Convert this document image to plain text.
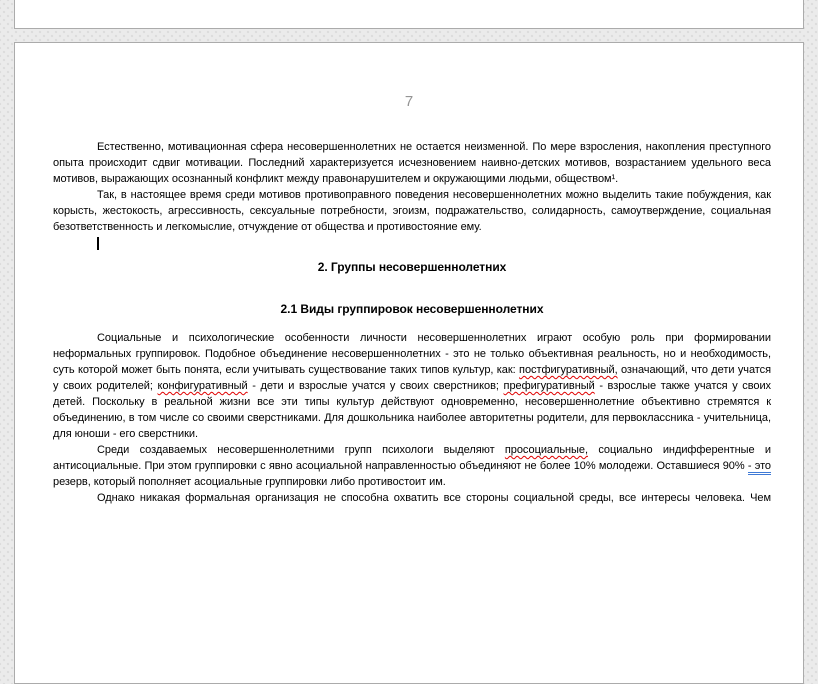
7

Естественно, мотивационная сфера несовершеннолетних не остается неизменной. По мере взросления, накопления преступного опыта происходит сдвиг мотивации. Последний характеризуется исчезновением наивно-детских мотивов, возрастанием удельного веса мотивов, выражающих осознанный конфликт между правонарушителем и окружающими людьми, обществом¹.

Так, в настоящее время среди мотивов противоправного поведения несовершеннолетних можно выделить такие побуждения, как корысть, жестокость, агрессивность, сексуальные потребности, эгоизм, подражательство, солидарность, самоутверждение, социальная безответственность и легкомыслие, отчуждение от общества и противостояние ему.

2. Группы несовершеннолетних
2.1 Виды группировок несовершеннолетних

Социальные и психологические особенности личности несовершеннолетних играют особую роль при формировании неформальных группировок. Подобное объединение несовершеннолетних - это не только объективная реальность, но и необходимость, суть которой может быть понята, если учитывать существование таких типов культур, как: постфигуративный, означающий, что дети учатся у своих родителей; конфигуративный - дети и взрослые учатся у своих сверстников; префигуративный - взрослые также учатся у своих детей. Поскольку в реальной жизни все эти типы культур действуют одновременно, несовершеннолетние объективно стремятся к объединению, в том числе со своими сверстниками. Для дошкольника наиболее авторитетны родители, для первоклассника - учительница, для юноши - его сверстники.

Среди создаваемых несовершеннолетними групп психологи выделяют просоциальные, социально индифферентные и антисоциальные. При этом группировки с явно асоциальной направленностью объединяют не более 10% молодежи. Оставшиеся 90% - это резерв, который пополняет асоциальные группировки либо противостоит им.

Однако никакая формальная организация не способна охватить все стороны социальной среды, все интересы человека. Чем
